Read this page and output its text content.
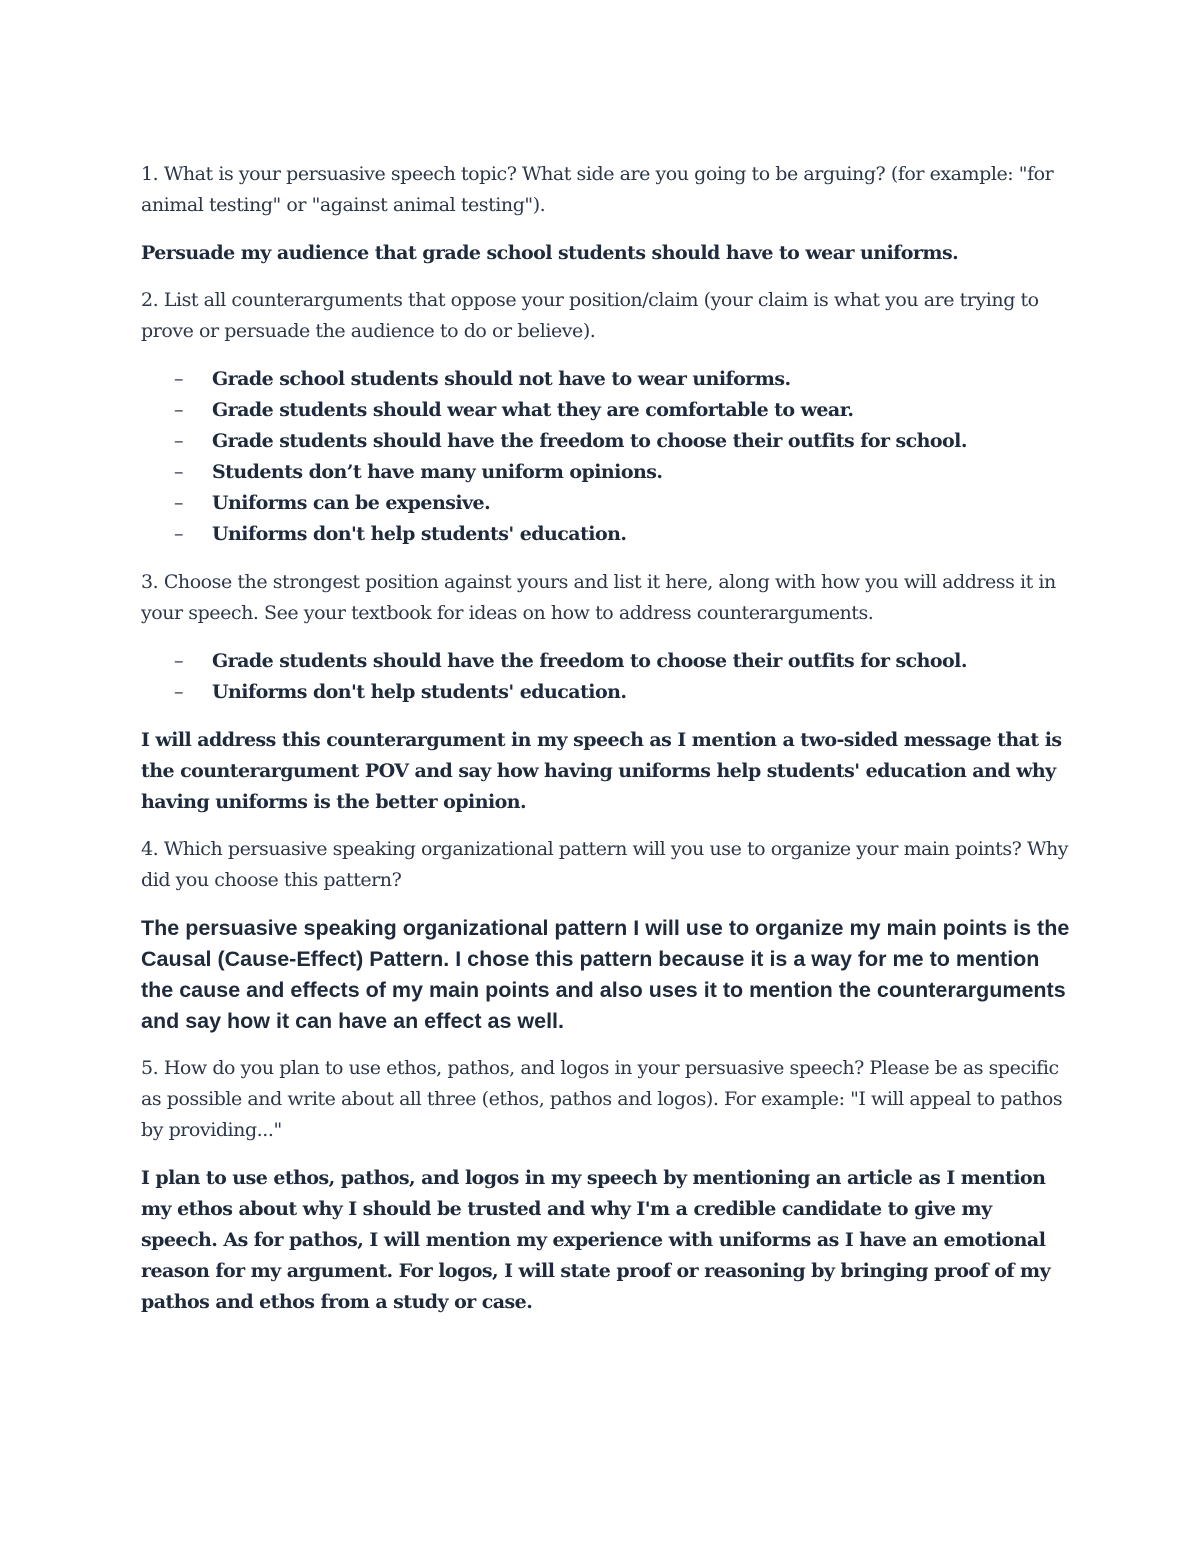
1. What is your persuasive speech topic? What side are you going to be arguing? (for example: "for animal testing" or "against animal testing").

Persuade my audience that grade school students should have to wear uniforms.

2. List all counterarguments that oppose your position/claim (your claim is what you are trying to prove or persuade the audience to do or believe).

– Grade school students should not have to wear uniforms.
– Grade students should wear what they are comfortable to wear.
– Grade students should have the freedom to choose their outfits for school.
– Students don’t have many uniform opinions.
– Uniforms can be expensive.
– Uniforms don't help students' education.

3. Choose the strongest position against yours and list it here, along with how you will address it in your speech. See your textbook for ideas on how to address counterarguments.

– Grade students should have the freedom to choose their outfits for school.
– Uniforms don't help students' education.

I will address this counterargument in my speech as I mention a two-sided message that is the counterargument POV and say how having uniforms help students' education and why having uniforms is the better opinion.

4. Which persuasive speaking organizational pattern will you use to organize your main points? Why did you choose this pattern?

The persuasive speaking organizational pattern I will use to organize my main points is the Causal (Cause-Effect) Pattern. I chose this pattern because it is a way for me to mention the cause and effects of my main points and also uses it to mention the counterarguments and say how it can have an effect as well.

5. How do you plan to use ethos, pathos, and logos in your persuasive speech? Please be as specific as possible and write about all three (ethos, pathos and logos). For example: "I will appeal to pathos by providing..."

I plan to use ethos, pathos, and logos in my speech by mentioning an article as I mention my ethos about why I should be trusted and why I'm a credible candidate to give my speech. As for pathos, I will mention my experience with uniforms as I have an emotional reason for my argument. For logos, I will state proof or reasoning by bringing proof of my pathos and ethos from a study or case.
